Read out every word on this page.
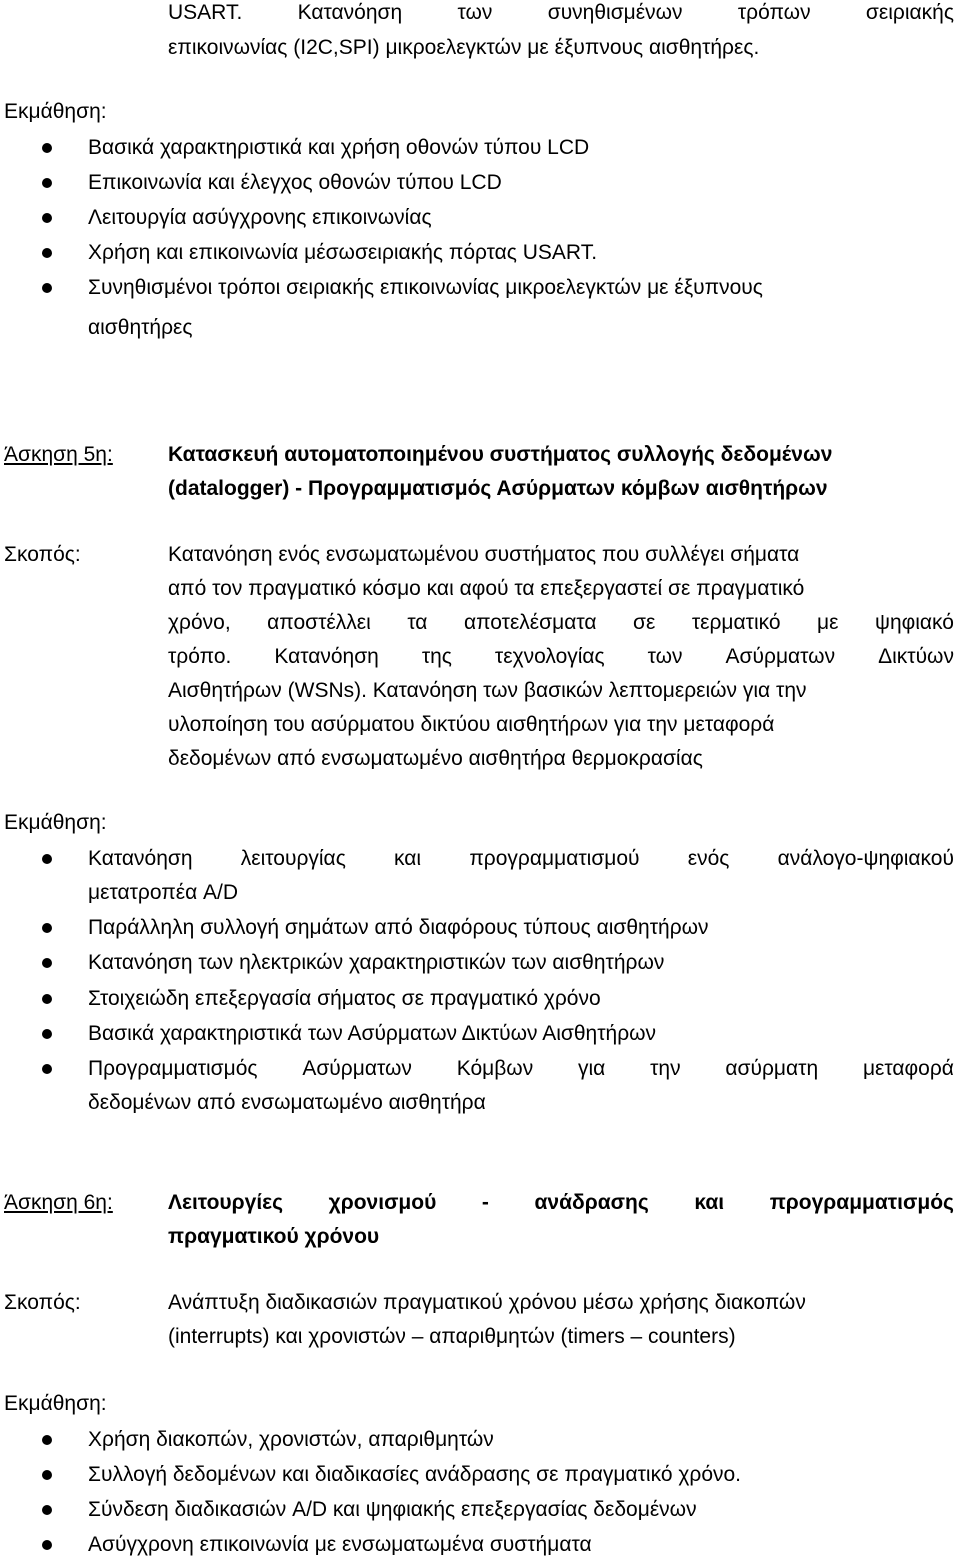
USART.	Κατανόηση	των	συνηθισμένων	τρόπων	σειριακής
επικοινωνίας (I2C,SPI) μικροελεγκτών με έξυπνους αισθητήρες.
Εκμάθηση:
Βασικά χαρακτηριστικά και χρήση οθονών τύπου LCD
Επικοινωνία και έλεγχος οθονών τύπου LCD
Λειτουργία ασύγχρονης επικοινωνίας
Χρήση και επικοινωνία μέσωσειριακής πόρτας USART.
Συνηθισμένοι τρόποι σειριακής επικοινωνίας μικροελεγκτών με έξυπνους
αισθητήρες
Άσκηση 5η:	Κατασκευή αυτοματοποιημένου συστήματος συλλογής δεδομένων
(datalogger) - Προγραμματισμός Ασύρματων κόμβων αισθητήρων
Σκοπός:	Κατανόηση ενός ενσωματωμένου συστήματος που συλλέγει σήματα
από τον πραγματικό κόσμο και αφού τα επεξεργαστεί σε πραγματικό
χρόνο, αποστέλλει τα αποτελέσματα σε τερματικό με ψηφιακό
τρόπο. Κατανόηση της τεχνολογίας των Ασύρματων Δικτύων
Αισθητήρων (WSNs). Κατανόηση των βασικών λεπτομερειών για την
υλοποίηση του ασύρματου δικτύου αισθητήρων για την μεταφορά
δεδομένων από ενσωματωμένο αισθητήρα θερμοκρασίας
Εκμάθηση:
Κατανόηση λειτουργίας και προγραμματισμού ενός ανάλογο-ψηφιακού
μετατροπέα A/D
Παράλληλη συλλογή σημάτων από διαφόρους τύπους αισθητήρων
Κατανόηση των ηλεκτρικών χαρακτηριστικών των αισθητήρων
Στοιχειώδη επεξεργασία σήματος σε πραγματικό χρόνο
Βασικά χαρακτηριστικά των Ασύρματων Δικτύων Αισθητήρων
Προγραμματισμός Ασύρματων Κόμβων για την ασύρματη μεταφορά
δεδομένων από ενσωματωμένο αισθητήρα
Άσκηση 6η:	Λειτουργίες χρονισμού - ανάδρασης και προγραμματισμός
πραγματικού χρόνου
Σκοπός:	Ανάπτυξη διαδικασιών πραγματικού χρόνου μέσω χρήσης διακοπών
(interrupts) και χρονιστών – απαριθμητών (timers – counters)
Εκμάθηση:
Χρήση διακοπών, χρονιστών, απαριθμητών
Συλλογή δεδομένων και διαδικασίες ανάδρασης σε πραγματικό χρόνο.
Σύνδεση διαδικασιών A/D και ψηφιακής επεξεργασίας δεδομένων
Ασύγχρονη επικοινωνία με ενσωματωμένα συστήματα
